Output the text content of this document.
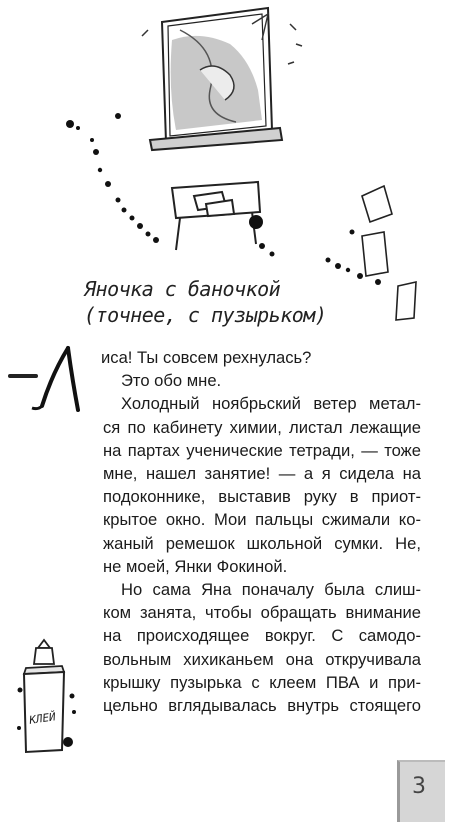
Яночка с баночкой
(точнее, с пузырьком)
иса! Ты совсем рехнулась?
Это обо мне.
Холодный ноябрьский ветер метал-
ся по кабинету химии, листал лежащие
на партах ученические тетради, — тоже
мне, нашел занятие! — а я сидела на
подоконнике, выставив руку в приот-
крытое окно. Мои пальцы сжимали ко-
жаный ремешок школьной сумки. Не,
не моей, Янки Фокиной.
Но сама Яна поначалу была слиш-
ком занята, чтобы обращать внимание
на происходящее вокруг. С самодо-
вольным хихиканьем она откручивала
крышку пузырька с клеем ПВА и при-
цельно вглядывалась внутрь стоящего
КЛЕЙ
3
